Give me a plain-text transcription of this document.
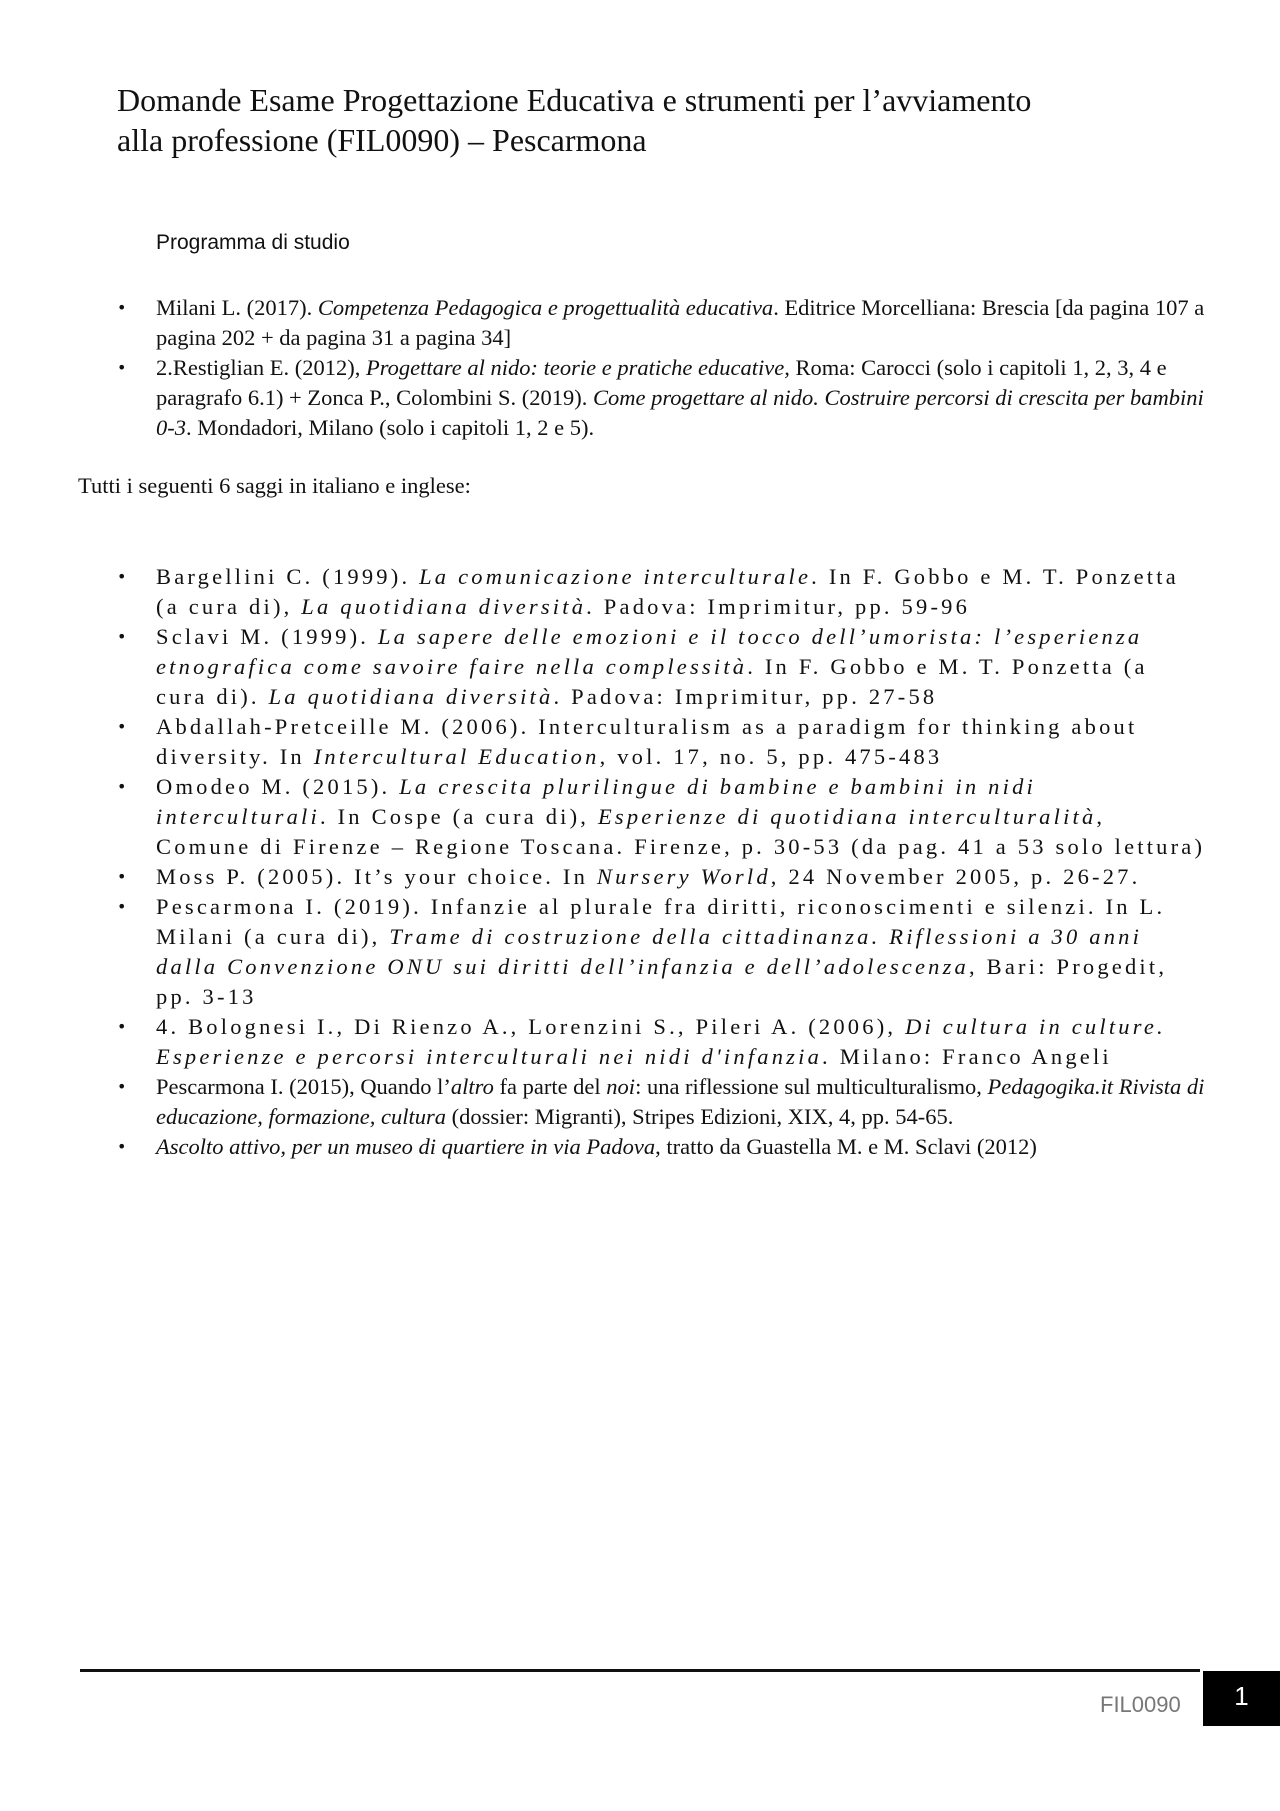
Domande Esame Progettazione Educativa e strumenti per l’avviamento
alla professione (FIL0090) – Pescarmona
Programma di studio
•	Milani L. (2017). Competenza Pedagogica e progettualità educativa. Editrice Morcelliana: Brescia [da pagina 107 a pagina 202 + da pagina 31 a pagina 34]
•	2.Restiglian E. (2012), Progettare al nido: teorie e pratiche educative, Roma: Carocci (solo i capitoli 1, 2, 3, 4 e paragrafo 6.1) + Zonca P., Colombini S. (2019). Come progettare al nido. Costruire percorsi di crescita per bambini 0-3. Mondadori, Milano (solo i capitoli 1, 2 e 5).
Tutti i seguenti 6 saggi in italiano e inglese:
•	Bargellini C. (1999). La comunicazione interculturale. In F. Gobbo e M. T. Ponzetta (a cura di), La quotidiana diversità. Padova: Imprimitur, pp. 59-96
•	Sclavi M. (1999). La sapere delle emozioni e il tocco dell’umorista: l’esperienza etnografica come savoire faire nella complessità. In F. Gobbo e M. T. Ponzetta (a cura di). La quotidiana diversità. Padova: Imprimitur, pp. 27-58
•	Abdallah-Pretceille M. (2006). Interculturalism as a paradigm for thinking about diversity. In Intercultural Education, vol. 17, no. 5, pp. 475-483
•	Omodeo M. (2015). La crescita plurilingue di bambine e bambini in nidi interculturali. In Cospe (a cura di), Esperienze di quotidiana interculturalità, Comune di Firenze – Regione Toscana. Firenze, p. 30-53 (da pag. 41 a 53 solo lettura)
•	Moss P. (2005). It’s your choice. In Nursery World, 24 November 2005, p. 26-27.
•	Pescarmona I. (2019). Infanzie al plurale fra diritti, riconoscimenti e silenzi. In L. Milani (a cura di), Trame di costruzione della cittadinanza. Riflessioni a 30 anni dalla Convenzione ONU sui diritti dell’infanzia e dell’adolescenza, Bari: Progedit, pp. 3-13
•	4. Bolognesi I., Di Rienzo A., Lorenzini S., Pileri A. (2006), Di cultura in culture. Esperienze e percorsi interculturali nei nidi d'infanzia. Milano: Franco Angeli
•	Pescarmona I. (2015), Quando l’altro fa parte del noi: una riflessione sul multiculturalismo, Pedagogika.it Rivista di educazione, formazione, cultura (dossier: Migranti), Stripes Edizioni, XIX, 4, pp. 54-65.
•	Ascolto attivo, per un museo di quartiere in via Padova, tratto da Guastella M. e M. Sclavi (2012)
FIL0090	1
